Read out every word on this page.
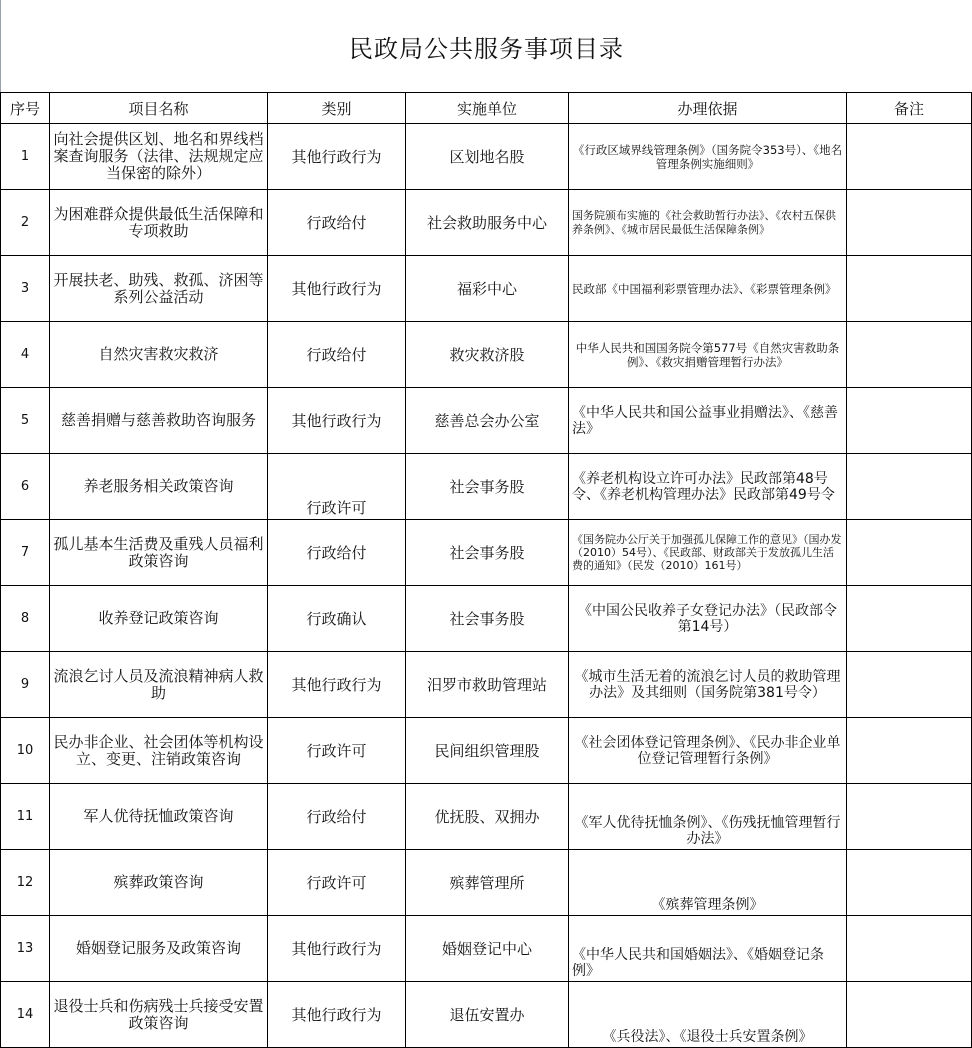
民政局公共服务事项目录
序号	项目名称	类别	实施单位	办理依据	备注
1	向社会提供区划、地名和界线档案查询服务（法律、法规规定应当保密的除外）	其他行政行为	区划地名股	《行政区域界线管理条例》（国务院令353号）、《地名管理条例实施细则》	
2	为困难群众提供最低生活保障和专项救助	行政给付	社会救助服务中心	国务院颁布实施的《社会救助暂行办法》、《农村五保供养条例》、《城市居民最低生活保障条例》	
3	开展扶老、助残、救孤、济困等系列公益活动	其他行政行为	福彩中心	民政部《中国福利彩票管理办法》、《彩票管理条例》	
4	自然灾害救灾救济	行政给付	救灾救济股	中华人民共和国国务院令第577号《自然灾害救助条例》、《救灾捐赠管理暂行办法》	
5	慈善捐赠与慈善救助咨询服务	其他行政行为	慈善总会办公室	《中华人民共和国公益事业捐赠法》、《慈善法》	
6	养老服务相关政策咨询	行政许可	社会事务股	《养老机构设立许可办法》民政部第48号令、《养老机构管理办法》民政部第49号令	
7	孤儿基本生活费及重残人员福利政策咨询	行政给付	社会事务股	《国务院办公厅关于加强孤儿保障工作的意见》（国办发（2010）54号）、《民政部、财政部关于发放孤儿生活费的通知》（民发（2010）161号）	
8	收养登记政策咨询	行政确认	社会事务股	《中国公民收养子女登记办法》（民政部令第14号）	
9	流浪乞讨人员及流浪精神病人救助	其他行政行为	汨罗市救助管理站	《城市生活无着的流浪乞讨人员的救助管理办法》及其细则（国务院第381号令）	
10	民办非企业、社会团体等机构设立、变更、注销政策咨询	行政许可	民间组织管理股	《社会团体登记管理条例》、《民办非企业单位登记管理暂行条例》	
11	军人优待抚恤政策咨询	行政给付	优抚股、双拥办	《军人优待抚恤条例》、《伤残抚恤管理暂行办法》	
12	殡葬政策咨询	行政许可	殡葬管理所	《殡葬管理条例》	
13	婚姻登记服务及政策咨询	其他行政行为	婚姻登记中心	《中华人民共和国婚姻法》、《婚姻登记条例》	
14	退役士兵和伤病残士兵接受安置政策咨询	其他行政行为	退伍安置办	《兵役法》、《退役士兵安置条例》	
